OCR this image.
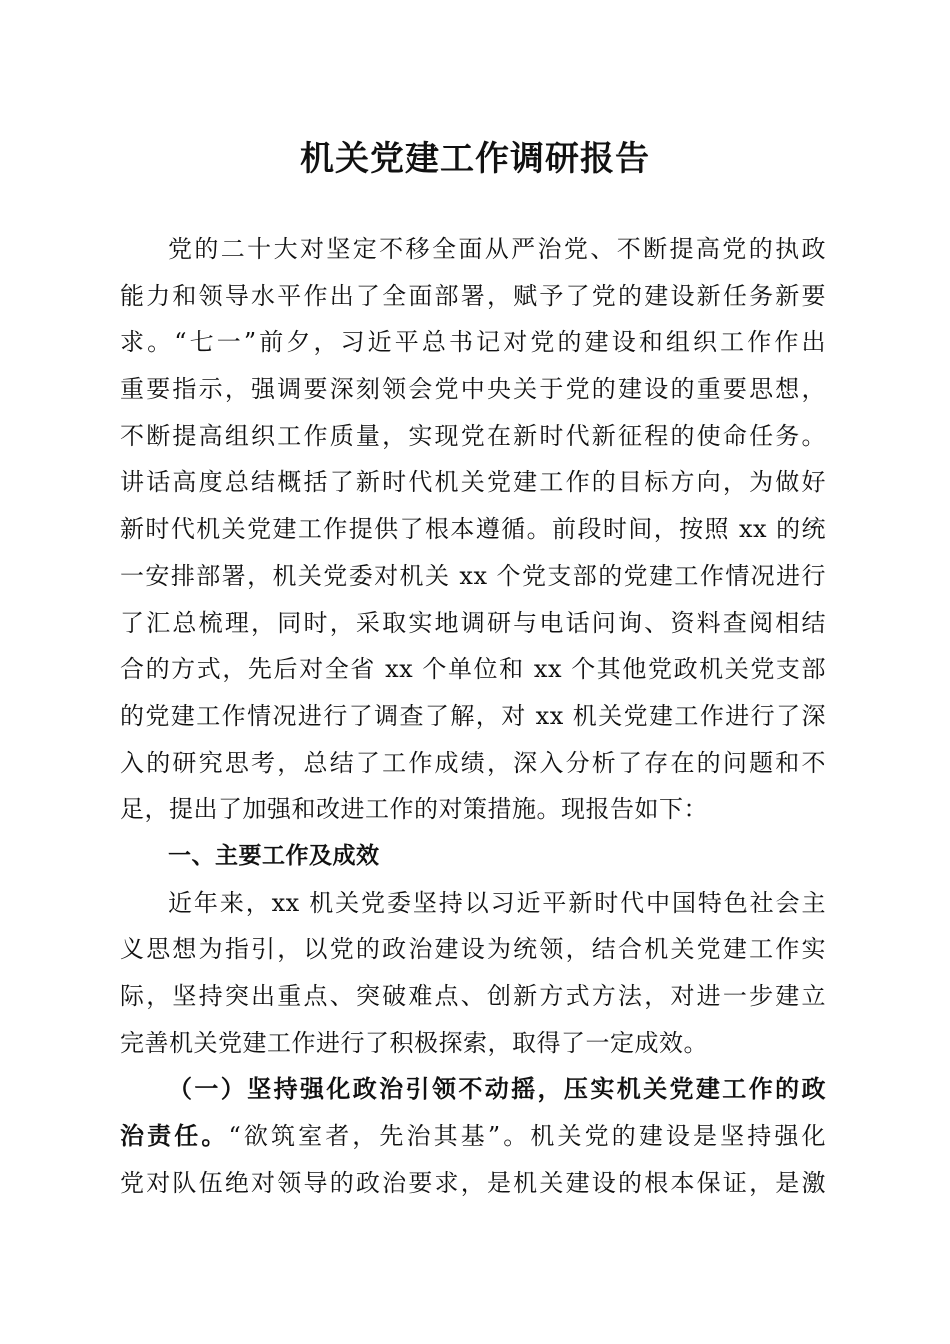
机关党建工作调研报告
党的二十大对坚定不移全面从严治党、不断提高党的执政
能力和领导水平作出了全面部署，赋予了党的建设新任务新要
求。“七一”前夕，习近平总书记对党的建设和组织工作作出
重要指示，强调要深刻领会党中央关于党的建设的重要思想，
不断提高组织工作质量，实现党在新时代新征程的使命任务。
讲话高度总结概括了新时代机关党建工作的目标方向，为做好
新时代机关党建工作提供了根本遵循。前段时间，按照 xx 的统
一安排部署，机关党委对机关 xx 个党支部的党建工作情况进行
了汇总梳理，同时，采取实地调研与电话问询、资料查阅相结
合的方式，先后对全省 xx 个单位和 xx 个其他党政机关党支部
的党建工作情况进行了调查了解，对 xx 机关党建工作进行了深
入的研究思考，总结了工作成绩，深入分析了存在的问题和不
足，提出了加强和改进工作的对策措施。现报告如下：
一、主要工作及成效
近年来，xx 机关党委坚持以习近平新时代中国特色社会主
义思想为指引，以党的政治建设为统领，结合机关党建工作实
际，坚持突出重点、突破难点、创新方式方法，对进一步建立
完善机关党建工作进行了积极探索，取得了一定成效。
（一）坚持强化政治引领不动摇，压实机关党建工作的政
治责任。“欲筑室者，先治其基”。机关党的建设是坚持强化
党对队伍绝对领导的政治要求，是机关建设的根本保证，是激
